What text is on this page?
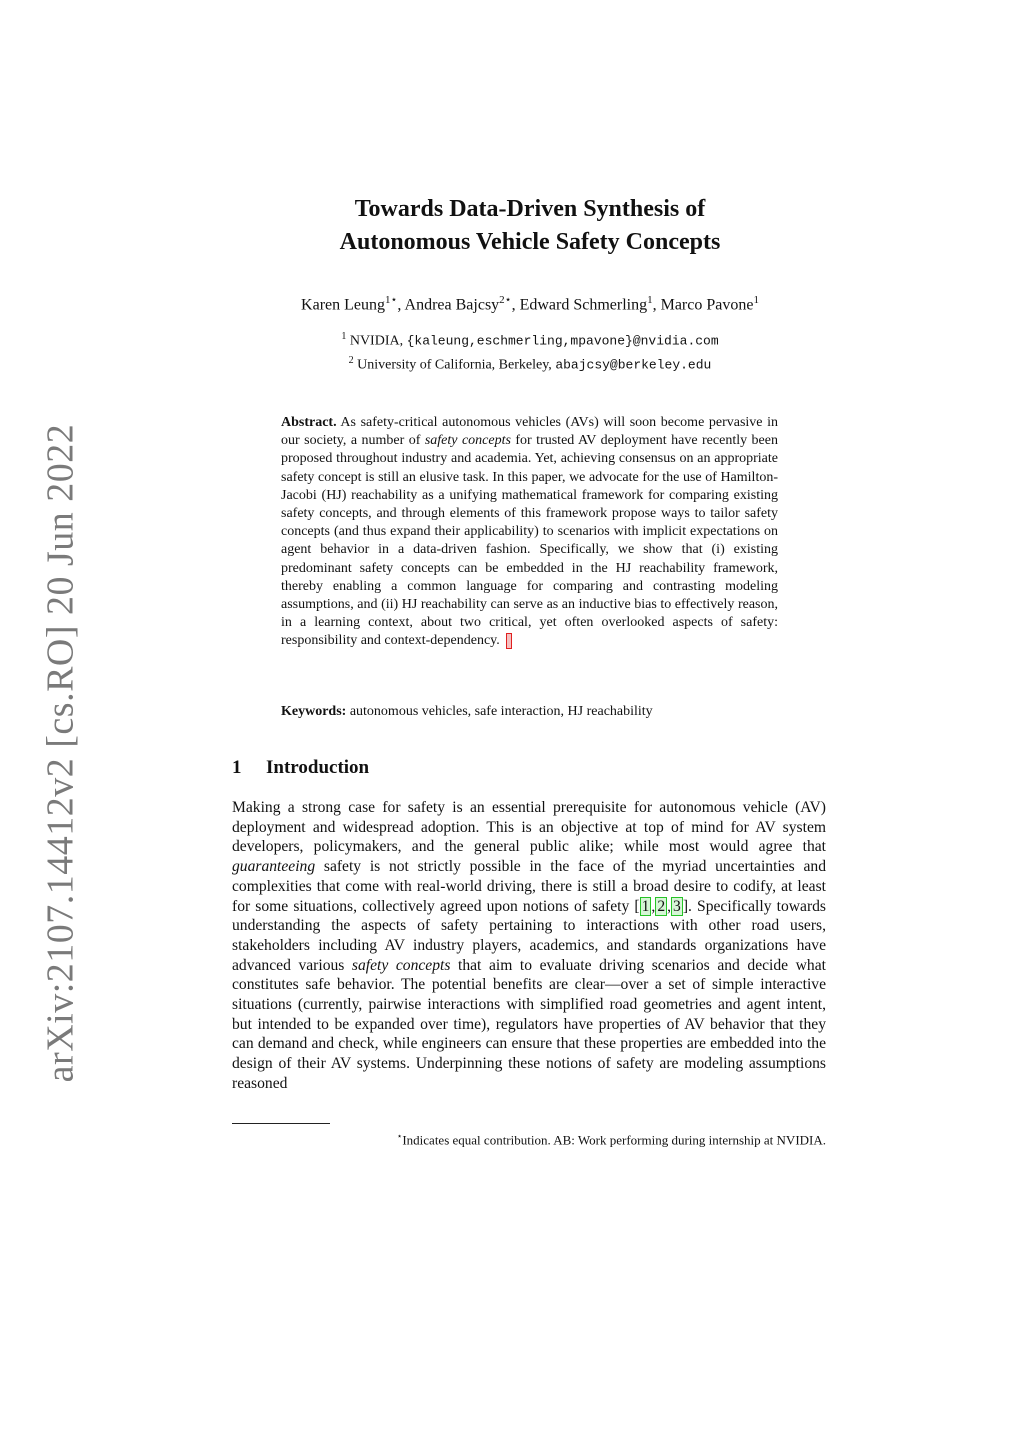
arXiv:2107.14412v2 [cs.RO] 20 Jun 2022
Towards Data-Driven Synthesis of
Autonomous Vehicle Safety Concepts
Karen Leung$^{1⋆}$, Andrea Bajcsy$^{2⋆}$, Edward Schmerling$^1$, Marco Pavone$^1$
$^1$ NVIDIA, {kaleung,eschmerling,mpavone}@nvidia.com
$^2$ University of California, Berkeley, abajcsy@berkeley.edu
Abstract. As safety-critical autonomous vehicles (AVs) will soon become pervasive in our society, a number of safety concepts for trusted AV deployment have recently been proposed throughout industry and academia. Yet, achieving consensus on an appropriate safety concept is still an elusive task. In this paper, we advocate for the use of Hamilton-Jacobi (HJ) reachability as a unifying mathematical framework for comparing existing safety concepts, and through elements of this framework propose ways to tailor safety concepts (and thus expand their applicability) to scenarios with implicit expectations on agent behavior in a data-driven fashion. Specifically, we show that (i) existing predominant safety concepts can be embedded in the HJ reachability framework, thereby enabling a common language for comparing and contrasting modeling assumptions, and (ii) HJ reachability can serve as an inductive bias to effectively reason, in a learning context, about two critical, yet often overlooked aspects of safety: responsibility and context-dependency.
Keywords: autonomous vehicles, safe interaction, HJ reachability
1 Introduction
Making a strong case for safety is an essential prerequisite for autonomous vehicle (AV) deployment and widespread adoption. This is an objective at top of mind for AV system developers, policymakers, and the general public alike; while most would agree that guaranteeing safety is not strictly possible in the face of the myriad uncertainties and complexities that come with real-world driving, there is still a broad desire to codify, at least for some situations, collectively agreed upon notions of safety [ 1 , 2 , 3 ]. Specifically towards understanding the aspects of safety pertaining to interactions with other road users, stakeholders including AV industry players, academics, and standards organizations have advanced various safety concepts that aim to evaluate driving scenarios and decide what constitutes safe behavior. The potential benefits are clear—over a set of simple interactive situations (currently, pairwise interactions with simplified road geometries and agent intent, but intended to be expanded over time), regulators have properties of AV behavior that they can demand and check, while engineers can ensure that these properties are embedded into the design of their AV systems. Underpinning these notions of safety are modeling assumptions reasoned
⋆Indicates equal contribution. AB: Work performing during internship at NVIDIA.
